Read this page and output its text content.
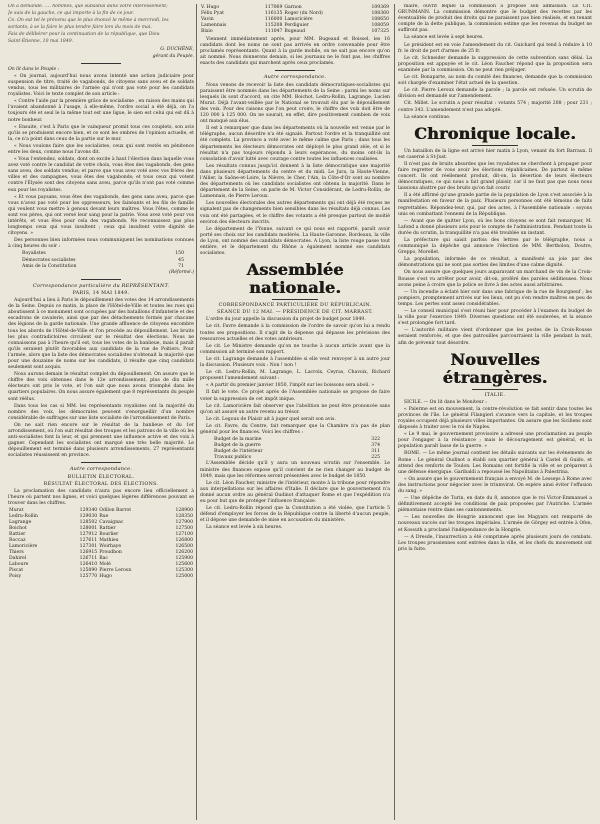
On a demandé. …. hommes, que subsidiai dans votre intéressement;

Je suis de la gauche, ce qui importe à la fin de ce jour.

Ce. On est tel le prévenu que le plus énoncé le même à mercredi, les

sortants, à se la faire le plus tendre faire lors du mois de mai.

Fais de délibérer pour la continuation de la république, que Dieu

Saint-Étienne, 10 mai 1849.

G. DUCHÊNE,

gérant du Peuple.

On lit dans le Peuple :

« On journal, aujourd'hui nous avons intenté une action judiciaire pour suspension de titre, traité de vagabonds, de citoyens sans aveu et de soldats vendus, tous les militaires de l'armée qui n'ont pas voté pour les candidats royalistes. Voici le texte complet de son article :

« Contre l'aide par la première grâce de socialisme , en raison des mains qui l'avaient abandonné à l'usage, à elle-même, l'ordre social a été déjà, on l'a toujours été et seul le la même tout est une ligue, le sien est celui qui est dû à notre bonheur.

« Ensuite, c'est à Paris que le vainqueur promit tous ces couplets, son avis qu'ils se produisent encore bien, et ce sont les ombres de l'opinion actuelle, et la, ce n'a point dans ceux de la partie sur le mur.

« Nous voulons faire que les socialistes, ceux qui sont restés en pénitence entre les deux, comme nous l'avons dit.

« Vous l'entendez, soldats, dont on excite à haut l'élection dans laquelle vous avez voté contre le candidat de votre choix, vous êtes des vagabonds, des gens sans aveu, des soldats vendus; et parce que vous avez voté avec vos frères des villes et des campagnes, vous êtes des vagabonds; et tous ceux qui votent contre l'Élysée sont des citoyens sans aveu, parce qu'ils n'ont pas voté comme eux pour les royalistes.

« Et vous paysans, vous êtes des vagabonds, des gens sans aveu, parce que vous n'avez pas voté pour les oppresseurs, les fainéants et les fils de famille qui veulent vous mettre à genoux devant leurs maîtres. Vous l'êtes, comme le sont vos pères, qui ont versé leur sang pour la patrie. Vous avez voté pour vos intérêts, et vous êtes pour cela des vagabonds. Ne reconnaissez pas plus longtemps ceux qui vous insultent ; ceux qui insultent votre dignité de citoyens. »

Des personnes bien informées nous communiquent les nominations connues à cinq heures du soir :

Royalistes	150
Démocrates socialistes	45
Amis de la Constitution	71

(Réformé.)

Correspondance particulière du REPRÉSENTANT.
PARIS, 14 MAI 1849.

Aujourd'hui a lieu à Paris le dépouillement des votes des 14 arrondissements de la Seine. Depuis ce matin, la place de l'Hôtel-de-Ville et toutes les rues qui aboutissent à ce monument sont occupées par des bataillons d'infanterie et des escadrons de cavalerie, ainsi que par des détachements formés par chacune des légions de la garde nationale. Une grande affluence de citoyens encombre tous les abords de l'Hôtel-de-Ville et l'on procède au dépouillement. Les bruits les plus contradictoires circulent sur le résultat des élections. Nous ne connaissons pas à l'heure qu'il est, tous les votes de la banlieue, mais il paraît qu'ils seraient plutôt favorables aux candidats de la rue de Poitiers. Pour l'armée, alors que la liste des démocrates socialistes n'obtenait la majorité que pour une douzaine de noms sur les candidats, il résulte que cinq candidats seulement sont acquis.

Nous aurons demain le résultat complet du dépouillement. On assure que le chiffre des voix obtenues dans le 12e arrondissement, plus de dix mille électeurs ont pris le vote, et l'on sait que nous avons triomphé dans les quartiers populaires. On nous assure également que 8 représentants du peuple sont réélus.

Dans tous les cas si MM. les représentants royalistes ont la majorité du nombre des voix, les démocrates peuvent s'enorgueillir d'un nombre considérable de suffrages sur une liste socialiste de l'arrondissement de Paris.

On ne sait rien encore sur le résultat de la banlieue et du 1er arrondissement, où l'on suit résultat des troupes et les patrons de la ville où les anti-socialistes font la leur, et qui prennent une influence active et des voix à gagner. Cependant les socialistes ont marqué une très belle majorité. Le dépouillement est terminé dans plusieurs arrondissements, 27 représentants socialistes réussissent en province.

Autre correspondance.
BULLETIN ÉLECTORAL.
RÉSULTAT ÉLECTORAL DES ÉLECTIONS.

La proclamation des candidats n'aura pas encore lieu officiellement à l'heure où partent nos lignes, et voici quelques légères différences pouvant se trouver dans les chiffres.

Murat	129340	Odilon Barrot	128900
Ledru-Rollin	129030	Rue	128350
Lagrange	128502	Cavaignac	127900
Boichot	128001	Rattier	127500
Rattier	127912	Bourlier	127100
Roccaz	127611	Mathieu	126800
Lamoricière	127301	Woirhaye	126500
Thiers	126915	Proudhon	126200
Dahirel	126711	Bac	125900
Laboure	126410	Molé	125600
Piscat	125890	Pierre Leroux	125300
Poisy	125770	Hugo	125000
V. Hugo	117069	Garnon	109369
Félix Pyat	116135	Roger (du Nord)	108360
Vavin	116000	Lamoricière	108650
Lamennais	115208	Perdiguier	108059
Bixio	111047	Bugeaud	107325

Viennent immédiatement après, pour MM. Bugeaud et Boissel, les 16 candidats dont les noms ne sont pas arrivés en ordre convenable pour être proclamés représentants. Quant à la garde mobile, on ne sait pas encore qu'on ait nommé. Nous donnerons demain, si les journaux ne le font pas, les chiffres exacts des candidats qui marchent après ceux proclamés.

Autre correspondance.

Nous venons de recevoir la liste des candidats démocratiques-socialistes qui paraissent être nommés dans les départements de la Seine : parmi les noms sur lesquels ils sont d'accord, on cite MM. Boichot, Ledru-Rollin, Lagrange, Lucien Murat. Déjà l'avant-veillée par le National se trouvait élu par le dépouillement des voix. Pour des raisons que l'on peut croire, le chiffre des voix doit être de 120 000 à 125 000. On ne saurait, en effet, dire positivement combien de voix ont manqué aux élus.

Il est à remarquer que dans les départements où la nouvelle est venue par le télégraphe, aucun désordre n'a été signalé. Partout l'ordre et la tranquillité ont été complets. La province a voté avec le même calme que Paris ; dans tous les départements les électeurs démocrates ont déployé le plus grand zèle, et si le résultat n'a pas toujours répondu à leurs espérances, du moins ont-ils la consolation d'avoir lutté avec courage contre toutes les influences coalisées.

Les résultats connus jusqu'ici donnent à la liste démocratique une majorité dans plusieurs départements du centre et du midi. Le Jura, la Haute-Vienne, l'Allier, la Saône-et-Loire, la Nièvre, le Cher, l'Ain, la Côte-d'Or sont au nombre des départements où les candidats socialistes ont obtenu la majorité. Dans le département de la Seine, on parle de M. Victor Considérant, de Ledru-Rollin, de Lamennais, de Pierre Leroux.

Les nouvelles électorales des autres départements qui ont déjà été reçues ne signalent pas de changements bien sensibles dans les résultats déjà connus. Les voix ont été partagées, et le chiffre des votants a été presque partout de moitié environ des électeurs inscrits.

Le département de l'Yonne, suivant ce qui nous est rapporté, paraît avoir porté ses choix sur les candidats modérés. La Haute-Garonne, Bordeaux, la ville de Lyon, ont nommé des candidats démocrates. A Lyon, la liste rouge passe tout entière, et le département du Rhône a également nommé ses candidats socialistes.

Assemblée nationale.
CORRESPONDANCE PARTICULIÈRE DU RÉPUBLICAIN.
SÉANCE DU 12 MAI. — PRÉSIDENCE DE CIT. MARRAST.

L'ordre du jour appelle la discussion du projet de budget pour 1849.

Le cit. Favre demande à la commission de l'ordre de savoir qu'on lui a rendu toutes ses propositions. Il s'agit de la dépense qui dépasse les prévisions des ressources actuelles et des votes antérieurs.

Le cit. Le Ministre demande qu'on ne touche à aucun article avant que la commission ait terminé son rapport.

Le cit. Lagrange demande à l'assemblée si elle veut renvoyer à un autre jour la discussion. Plusieurs voix : Non ! non !

Le cit. Ledru-Rollin, M. Lagrange, L. Lacroix, Ceyras, Chavoix, Richard proposent l'amendement suivant :

« A partir du premier janvier 1850, l'impôt sur les boissons sera aboli. »

Il fait le vote. Ce projet après de l'Assemblée nationale se propose de faire voter la suppression de cet impôt inique.

Le cit. Lamoricière fait observer que l'abolition ne peut être prononcée sans qu'on ait assuré un autre revenu au trésor.

Le cit. Legoux de Plaisir ait à juger quel serait son avis.

Le cit. Favre, du Centre, fait remarquer que la Chambre n'a pas de plan général pour les finances. Voici les chiffres :

Budget de la marine	322
Budget de la guerre	374
Budget de l'intérieur	311
Travaux publics	225

L'Assemblée décide qu'il y aura un nouveau scrutin sur l'ensemble. Le ministre des finances expose qu'il convient de ne rien changer au budget de 1849, mais que les réformes seront présentées avec le budget de 1850.

Le cit. Léon Faucher, ministre de l'intérieur, monte à la tribune pour répondre aux interpellations sur les affaires d'Italie. Il déclare que le gouvernement n'a donné aucun ordre au général Oudinot d'attaquer Rome et que l'expédition n'a eu pour but que de protéger l'influence française.

Le cit. Ledru-Rollin répond que la Constitution a été violée, que l'article 5 défend d'employer les forces de la République contre la liberté d'aucun peuple, et il dépose une demande de mise en accusation du ministère.

La séance est levée à six heures.

maire, ouvrit lequel la commission a proposé son admission. LE CIT. GRUNMANN. La commission démontre que le budget des recettes par les éventualités de produit des droits qui ne paraissent pas bien réalisés, et en tenant compte de la dette publique, la commission estime que les revenus du budget ne suffiront pas.

La séance est levée à sept heures.

Le président est en voie l'amendement du cit. Guichard qui tend à réduire à 10 fr. le droit de port d'armes de 25 fr.

Le cit. Schneider demande la suppression de cette subvention sans délai. La proposition est appuyée et le cit. Léon Faucher répond que la proposition sera examinée par la commission. On ne peut rien préjuger.

Le cit. Bonaparte, au nom du comité des finances, demande que la commission soit chargée d'examiner l'état actuel de la question.

Le cit. Pierre Leroux demande la parole ; la parole est refusée. Un scrutin de division est demandé sur l'amendement.

Cit. Millet. Le scrutin a pour résultat : votants 574 ; majorité 288 ; pour 231 ; contre 343. L'amendement n'est pas adopté.

La séance continue.

Chronique locale.

Un bataillon de la ligne est arrivé hier matin à Lyon, venant du fort Barraux. Il est caserné à St-Just.

Il n'est pas de bruits absurdes que les royalistes ne cherchent à propager pour faire regretter de vous avoir les élections républicaines. De partout le même concert. Ils ont réellement produit, dit-on, la désertion de leurs électeurs démocratiques, ce qui nous a fait grand plaisir, car il ne faut pas que nous nous laissions abattre par des bruits qu'on fait courir.

Il a été affirmé qu'une grande partie de la population de Lyon s'est associée à la manifestation en faveur de la paix. Plusieurs personnes ont été témoins de faits regrettables. Répondez-leur, qui, par des actes, à l'Assemblée nationale : soyons unis en combattant l'ennemi de la République.

— Avant que de quitter Lyon, où les bons citoyens se sont fait remarquer, M. Lafond a donné plusieurs avis pour le compte de l'administration. Pendant toute la durée du scrutin, la tranquillité n'a pas été troublée un instant.

La préfecture qui saisit parfois des lettres par le télégraphe, nous a communiqué la dépêche qui annonce l'élection de MM. Bertholon, Doutre, Greppo, Morellet.

La population, informée de ce résultat, a manifesté sa joie par des démonstrations qui ne sont pas sorties des limites d'une calme dignité.

On nous assure que quelques jours auparavant un marchand de vin de la Croix-Rousse s'est vu arrêter pour avoir, dit-on, proféré des paroles séditieuses. Nous avons peine à croire que la police se livre à des actes aussi arbitraires.

— Un incendie a éclaté hier soir dans une fabrique de la rue de Bourgneuf ; les pompiers, promptement arrivés sur les lieux, ont pu s'en rendre maîtres en peu de temps. Les pertes sont assez considérables.

— Le conseil municipal s'est réuni hier pour procéder à l'examen du budget de la ville pour l'exercice 1849. Diverses questions ont été soulevées, et la séance s'est prolongée fort tard.

— L'autorité militaire vient d'ordonner que les postes de la Croix-Rousse seraient renforcés, et que des patrouilles parcourraient la ville pendant la nuit, afin de prévenir tout désordre.

Nouvelles étrangères.
ITALIE.

SICILE. — On lit dans le Moniteur :

« Palerme est en mouvement, la contre-révolution se fait sentir dans toutes les provinces de l'île. Le général Filangieri s'avance vers la capitale, et les troupes royales occupent déjà plusieurs villes importantes. On assure que les Siciliens sont disposés à traiter avec le roi de Naples.

« Le 9 mai, le gouvernement provisoire a adressé une proclamation au peuple pour l'engager à la résistance ; mais le découragement est général, et la population paraît lasse de la guerre. »

ROME. — Le même journal contient les détails suivants sur les événements de Rome : Le général Oudinot a établi son quartier général à Castel di Guido, et attend des renforts de Toulon. Les Romains ont fortifié la ville et se préparent à une défense énergique. Garibaldi a repoussé les Napolitains à Palestrina.

« On assure que le gouvernement français a envoyé M. de Lesseps à Rome avec des instructions pour négocier avec le triumvirat. On espère ainsi éviter l'effusion du sang. »

— Une dépêche de Turin, en date du 8, annonce que le roi Victor-Emmanuel a définitivement accepté les conditions de paix proposées par l'Autriche. L'armée piémontaise rentre dans ses cantonnements.

— Les nouvelles de Hongrie annoncent que les Magyars ont remporté de nouveaux succès sur les troupes impériales. L'armée de Görgey est entrée à Ofen, et Kossuth a proclamé l'indépendance de la Hongrie.

— A Dresde, l'insurrection a été comprimée après plusieurs jours de combats. Les troupes prussiennes sont entrées dans la ville, et les chefs du mouvement ont pris la fuite.
